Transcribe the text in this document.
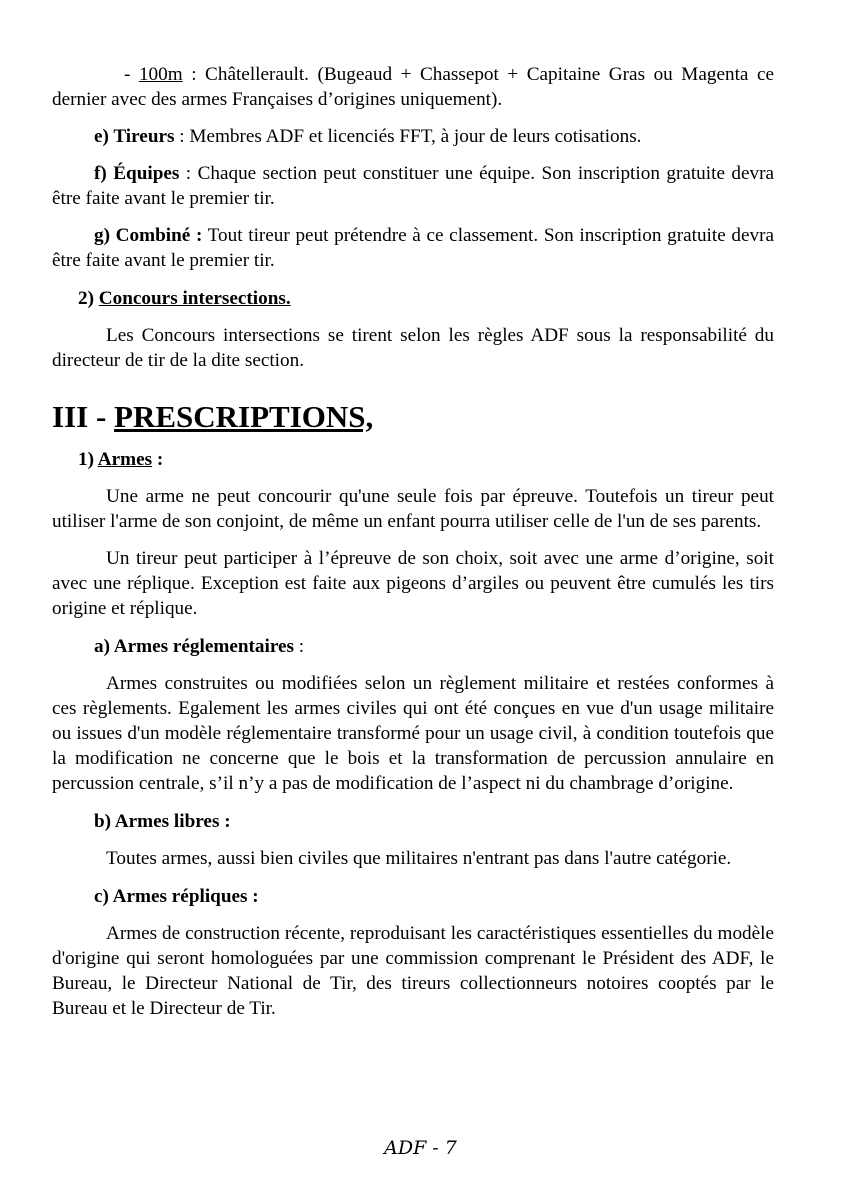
- 100m : Châtellerault. (Bugeaud + Chassepot + Capitaine Gras ou Magenta ce dernier avec des armes Françaises d’origines uniquement).

e) Tireurs : Membres ADF et licenciés FFT, à jour de leurs cotisations.

f) Équipes : Chaque section peut constituer une équipe. Son inscription gratuite devra être faite avant le premier tir.

g) Combiné : Tout tireur peut prétendre à ce classement. Son inscription gratuite devra être faite avant le premier tir.

2) Concours intersections.

Les Concours intersections se tirent selon les règles ADF sous la responsabilité du directeur de tir de la dite section.

III - PRESCRIPTIONS,

1) Armes :

Une arme ne peut concourir qu'une seule fois par épreuve. Toutefois un tireur peut utiliser l'arme de son conjoint, de même un enfant pourra utiliser celle de l'un de ses parents.

Un tireur peut participer à l’épreuve de son choix, soit avec une arme d’origine, soit avec une réplique. Exception est faite aux pigeons d’argiles ou peuvent être cumulés les tirs origine et réplique.

a) Armes réglementaires :

Armes construites ou modifiées selon un règlement militaire et restées conformes à ces règlements. Egalement les armes civiles qui ont été conçues en vue d'un usage militaire ou issues d'un modèle réglementaire transformé pour un usage civil, à condition toutefois que la modification ne concerne que le bois et la transformation de percussion annulaire en percussion centrale, s’il n’y a pas de modification de l’aspect ni du chambrage d’origine.

b) Armes libres :

Toutes armes, aussi bien civiles que militaires n'entrant pas dans l'autre catégorie.

c) Armes répliques :

Armes de construction récente, reproduisant les caractéristiques essentielles du modèle d'origine qui seront homologuées par une commission comprenant le Président des ADF, le Bureau, le Directeur National de Tir, des tireurs collectionneurs notoires cooptés par le Bureau et le Directeur de Tir.

ADF - 7
